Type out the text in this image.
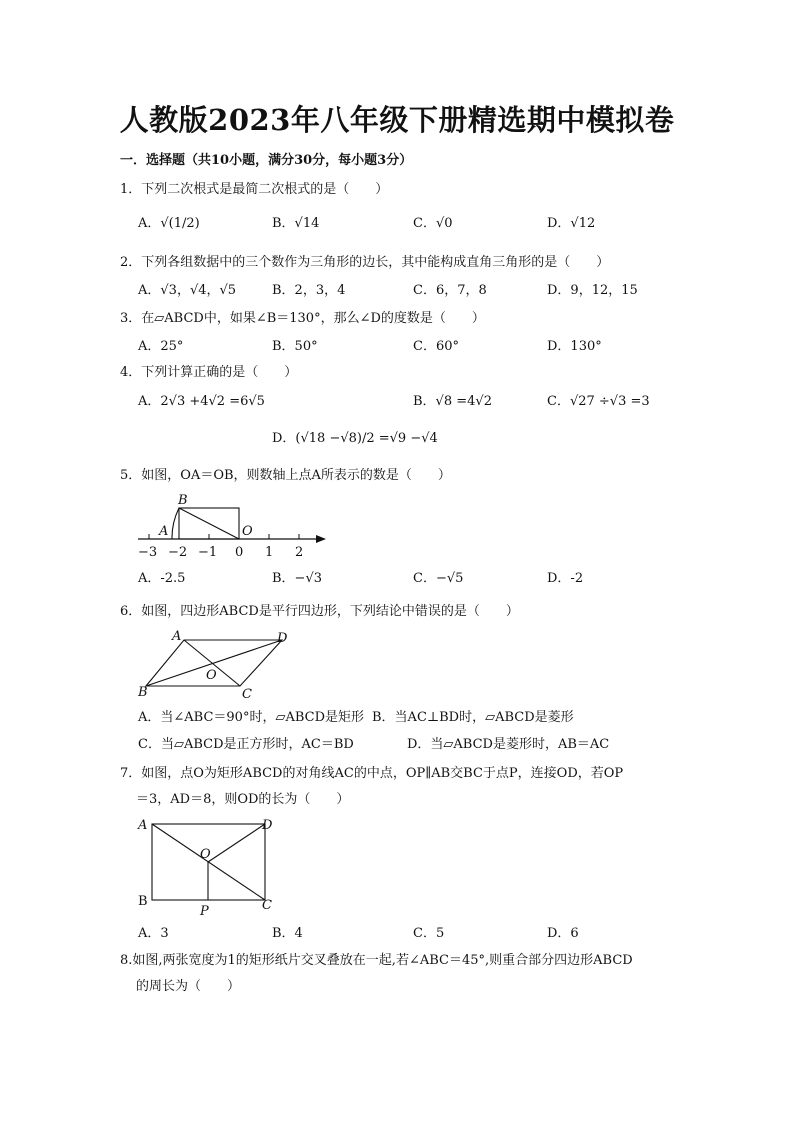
人教版2023年八年级下册精选期中模拟卷
一．选择题（共10小题，满分30分，每小题3分）
1．下列二次根式是最简二次根式的是（　　）
A．√(1/2)	B．√14	C．√0	D．√12
2．下列各组数据中的三个数作为三角形的边长，其中能构成直角三角形的是（　　）
A．√3，√4，√5	B．2，3，4	C．6，7，8	D．9，12，15
3．在▱ABCD中，如果∠B＝130°，那么∠D的度数是（　　）
A．25°	B．50°	C．60°	D．130°
4．下列计算正确的是（　　）
A．2√3 +4√2 =6√5	B．√8 =4√2	C．√27 ÷√3 =3
D．(√18 −√8)/2 =√9 −√4
5．如图，OA＝OB，则数轴上点A所表示的数是（　　）
B
A	O
−3 −2 −1 0 1 2
A．-2.5	B．−√3	C．−√5	D．-2
6．如图，四边形ABCD是平行四边形，下列结论中错误的是（　　）
A	D
O
B	C
A．当∠ABC＝90°时，▱ABCD是矩形 B．当AC⊥BD时，▱ABCD是菱形
C．当▱ABCD是正方形时，AC＝BD	D．当▱ABCD是菱形时，AB＝AC
7．如图，点O为矩形ABCD的对角线AC的中点，OP∥AB交BC于点P，连接OD，若OP
＝3，AD＝8，则OD的长为（　　）
A	D
O
B
P	C
A．3	B．4	C．5	D．6
8.如图,两张宽度为1的矩形纸片交叉叠放在一起,若∠ABC＝45°,则重合部分四边形ABCD
的周长为（　　）
